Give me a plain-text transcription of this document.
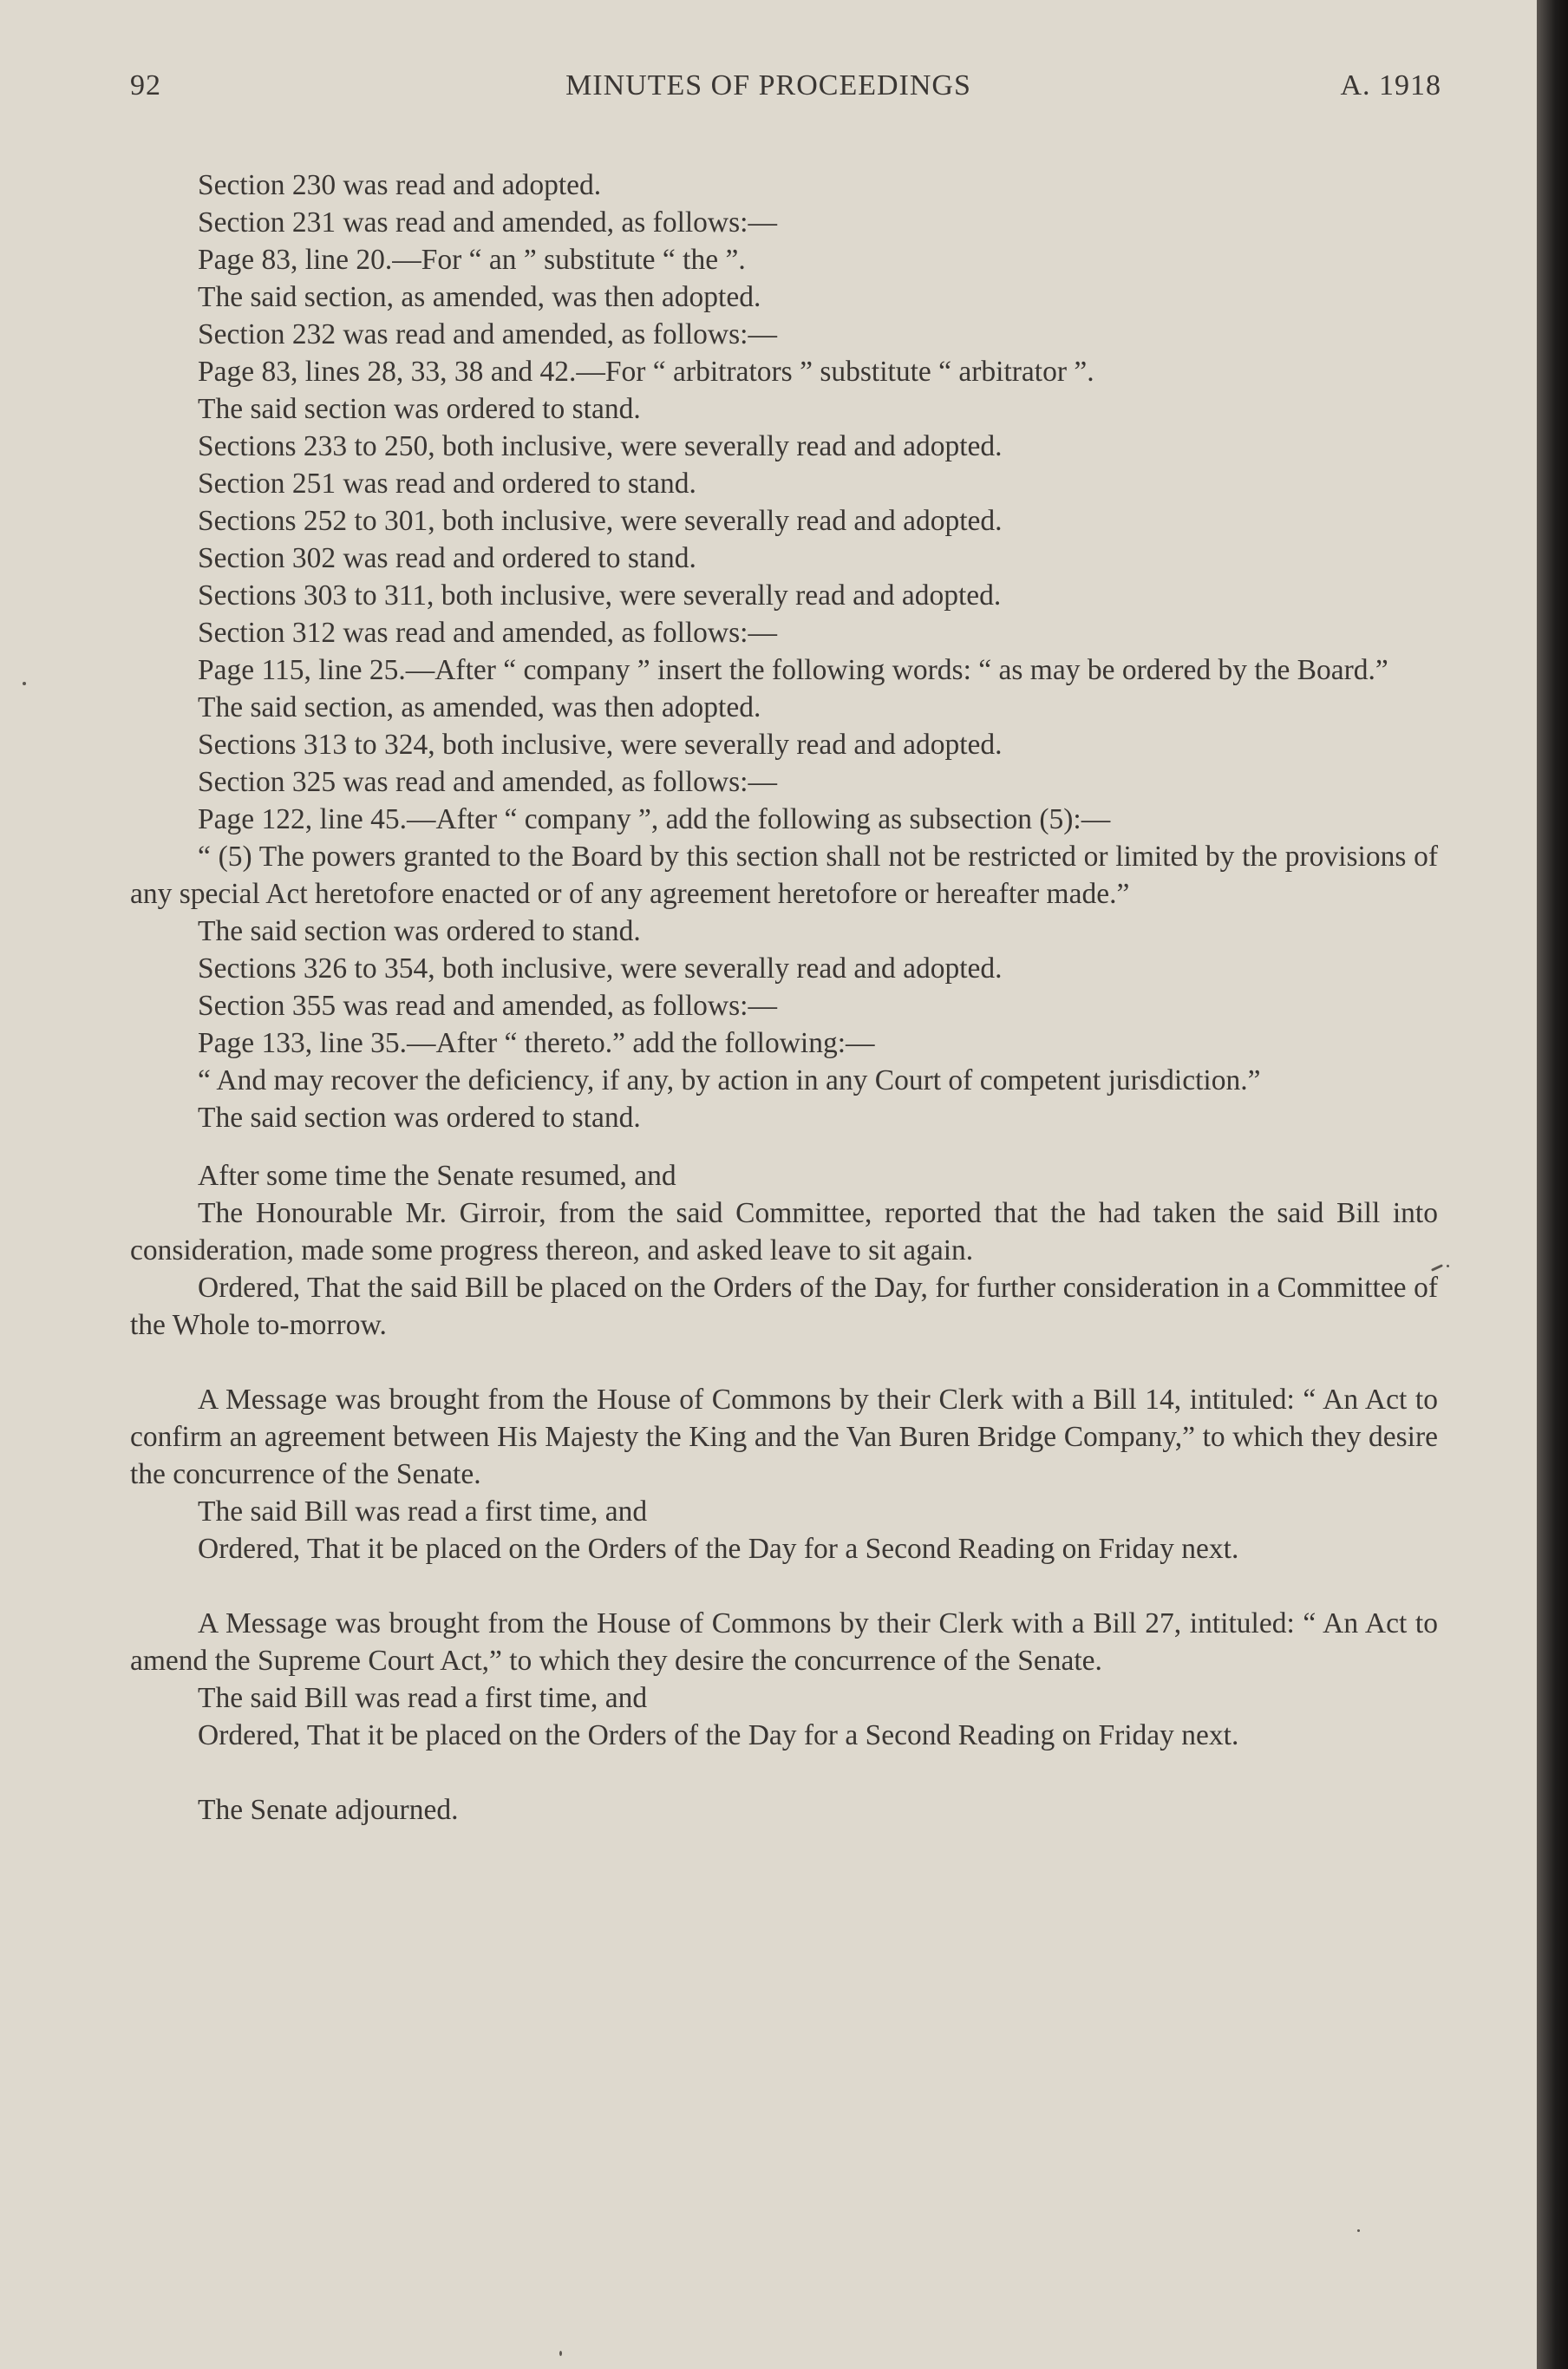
92	MINUTES OF PROCEEDINGS	A. 1918

Section 230 was read and adopted.

Section 231 was read and amended, as follows:—

Page 83, line 20.—For “ an ” substitute “ the ”.

The said section, as amended, was then adopted.

Section 232 was read and amended, as follows:—

Page 83, lines 28, 33, 38 and 42.—For “ arbitrators ” substitute “ arbitrator ”.

The said section was ordered to stand.

Sections 233 to 250, both inclusive, were severally read and adopted.

Section 251 was read and ordered to stand.

Sections 252 to 301, both inclusive, were severally read and adopted.

Section 302 was read and ordered to stand.

Sections 303 to 311, both inclusive, were severally read and adopted.

Section 312 was read and amended, as follows:—

Page 115, line 25.—After “ company ” insert the following words: “ as may be ordered by the Board.”

The said section, as amended, was then adopted.

Sections 313 to 324, both inclusive, were severally read and adopted.

Section 325 was read and amended, as follows:—

Page 122, line 45.—After “ company ”, add the following as subsection (5):—

“ (5) The powers granted to the Board by this section shall not be restricted or limited by the provisions of any special Act heretofore enacted or of any agreement heretofore or hereafter made.”

The said section was ordered to stand.

Sections 326 to 354, both inclusive, were severally read and adopted.

Section 355 was read and amended, as follows:—

Page 133, line 35.—After “ thereto.” add the following:—

“ And may recover the deficiency, if any, by action in any Court of competent jurisdiction.”

The said section was ordered to stand.

After some time the Senate resumed, and

The Honourable Mr. Girroir, from the said Committee, reported that the had taken the said Bill into consideration, made some progress thereon, and asked leave to sit again.

Ordered, That the said Bill be placed on the Orders of the Day, for further consideration in a Committee of the Whole to-morrow.

A Message was brought from the House of Commons by their Clerk with a Bill 14, intituled: “ An Act to confirm an agreement between His Majesty the King and the Van Buren Bridge Company,” to which they desire the concurrence of the Senate.

The said Bill was read a first time, and

Ordered, That it be placed on the Orders of the Day for a Second Reading on Friday next.

A Message was brought from the House of Commons by their Clerk with a Bill 27, intituled: “ An Act to amend the Supreme Court Act,” to which they desire the concurrence of the Senate.

The said Bill was read a first time, and

Ordered, That it be placed on the Orders of the Day for a Second Reading on Friday next.

The Senate adjourned.
